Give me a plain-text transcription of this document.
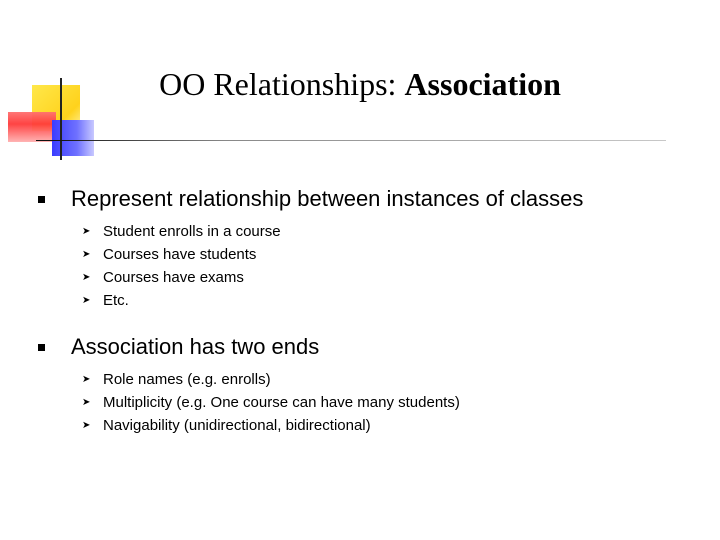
OO Relationships: Association
Represent relationship between instances of classes
➤ Student enrolls in a course
➤ Courses have students
➤ Courses have exams
➤ Etc.
Association has two ends
➤ Role names (e.g. enrolls)
➤ Multiplicity (e.g. One course can have many students)
➤ Navigability (unidirectional, bidirectional)
